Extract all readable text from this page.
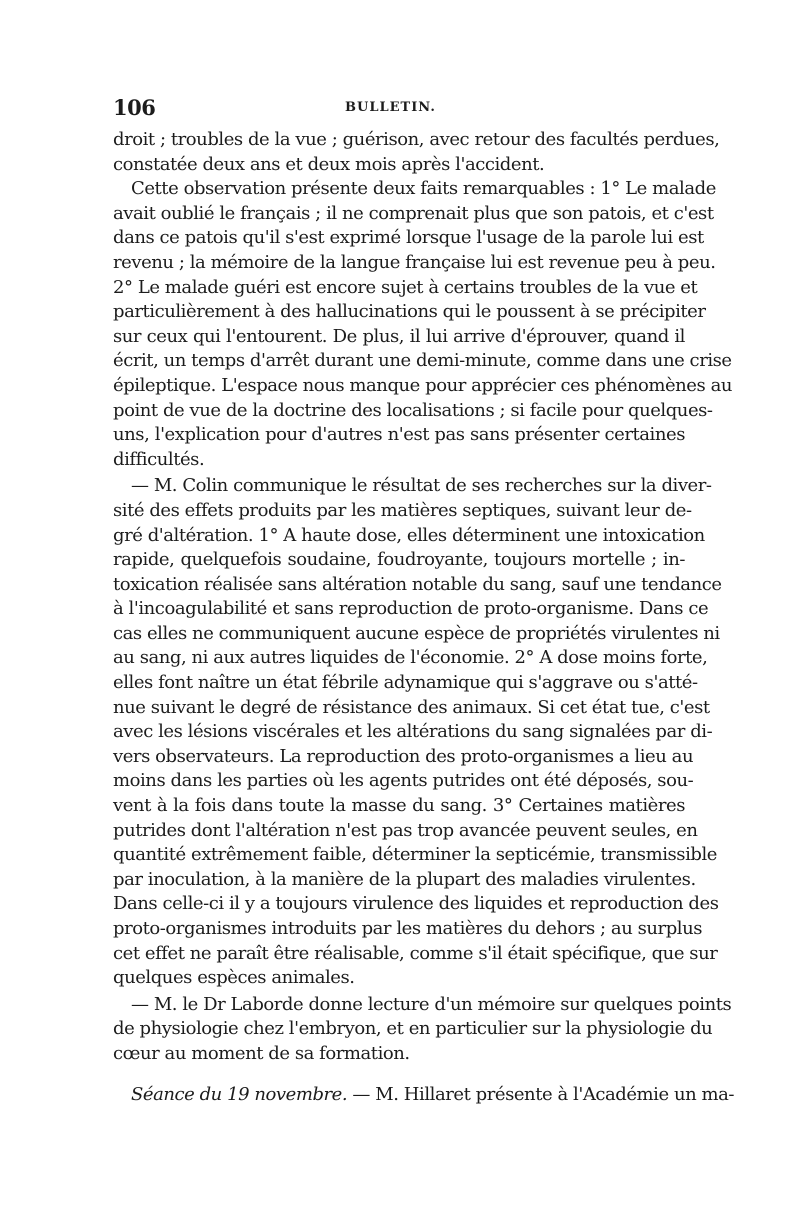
106	BULLETIN.
droit ; troubles de la vue ; guérison, avec retour des facultés perdues,
constatée deux ans et deux mois après l'accident.
Cette observation présente deux faits remarquables : 1° Le malade
avait oublié le français ; il ne comprenait plus que son patois, et c'est
dans ce patois qu'il s'est exprimé lorsque l'usage de la parole lui est
revenu ; la mémoire de la langue française lui est revenue peu à peu.
2° Le malade guéri est encore sujet à certains troubles de la vue et
particulièrement à des hallucinations qui le poussent à se précipiter
sur ceux qui l'entourent. De plus, il lui arrive d'éprouver, quand il
écrit, un temps d'arrêt durant une demi-minute, comme dans une crise
épileptique. L'espace nous manque pour apprécier ces phénomènes au
point de vue de la doctrine des localisations ; si facile pour quelques-
uns, l'explication pour d'autres n'est pas sans présenter certaines
difficultés.
— M. Colin communique le résultat de ses recherches sur la diver-
sité des effets produits par les matières septiques, suivant leur de-
gré d'altération. 1° A haute dose, elles déterminent une intoxication
rapide, quelquefois soudaine, foudroyante, toujours mortelle ; in-
toxication réalisée sans altération notable du sang, sauf une tendance
à l'incoagulabilité et sans reproduction de proto-organisme. Dans ce
cas elles ne communiquent aucune espèce de propriétés virulentes ni
au sang, ni aux autres liquides de l'économie. 2° A dose moins forte,
elles font naître un état fébrile adynamique qui s'aggrave ou s'atté-
nue suivant le degré de résistance des animaux. Si cet état tue, c'est
avec les lésions viscérales et les altérations du sang signalées par di-
vers observateurs. La reproduction des proto-organismes a lieu au
moins dans les parties où les agents putrides ont été déposés, sou-
vent à la fois dans toute la masse du sang. 3° Certaines matières
putrides dont l'altération n'est pas trop avancée peuvent seules, en
quantité extrêmement faible, déterminer la septicémie, transmissible
par inoculation, à la manière de la plupart des maladies virulentes.
Dans celle-ci il y a toujours virulence des liquides et reproduction des
proto-organismes introduits par les matières du dehors ; au surplus
cet effet ne paraît être réalisable, comme s'il était spécifique, que sur
quelques espèces animales.
— M. le Dr Laborde donne lecture d'un mémoire sur quelques points
de physiologie chez l'embryon, et en particulier sur la physiologie du
cœur au moment de sa formation.
Séance du 19 novembre. — M. Hillaret présente à l'Académie un ma-
